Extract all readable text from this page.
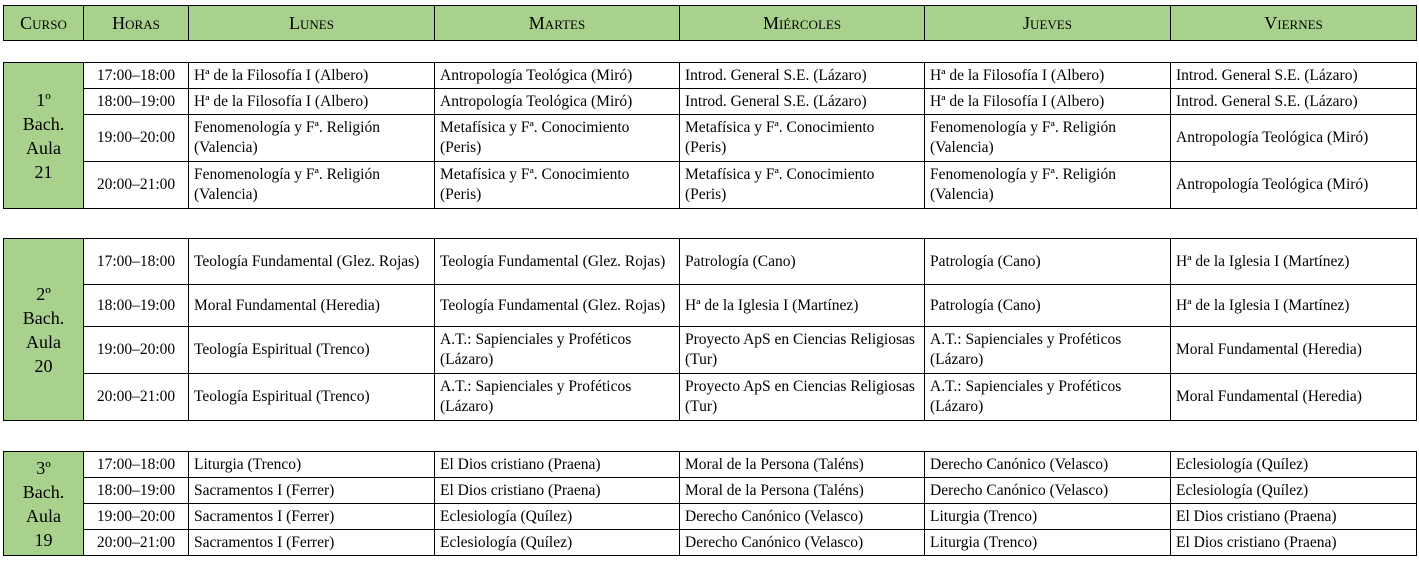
Curso	Horas	Lunes	Martes	Miércoles	Jueves	Viernes
1º
Bach.
Aula
21	17:00–18:00	Hª de la Filosofía I (Albero)	Antropología Teológica (Miró)	Introd. General S.E. (Lázaro)	Hª de la Filosofía I (Albero)	Introd. General S.E. (Lázaro)
	18:00–19:00	Hª de la Filosofía I (Albero)	Antropología Teológica (Miró)	Introd. General S.E. (Lázaro)	Hª de la Filosofía I (Albero)	Introd. General S.E. (Lázaro)
	19:00–20:00	Fenomenología y Fª. Religión (Valencia)	Metafísica y Fª. Conocimiento (Peris)	Metafísica y Fª. Conocimiento (Peris)	Fenomenología y Fª. Religión (Valencia)	Antropología Teológica (Miró)
	20:00–21:00	Fenomenología y Fª. Religión (Valencia)	Metafísica y Fª. Conocimiento (Peris)	Metafísica y Fª. Conocimiento (Peris)	Fenomenología y Fª. Religión (Valencia)	Antropología Teológica (Miró)
2º
Bach.
Aula
20	17:00–18:00	Teología Fundamental (Glez. Rojas)	Teología Fundamental (Glez. Rojas)	Patrología (Cano)	Patrología (Cano)	Hª de la Iglesia I (Martínez)
	18:00–19:00	Moral Fundamental (Heredia)	Teología Fundamental (Glez. Rojas)	Hª de la Iglesia I (Martínez)	Patrología (Cano)	Hª de la Iglesia I (Martínez)
	19:00–20:00	Teología Espiritual (Trenco)	A.T.: Sapienciales y Proféticos (Lázaro)	Proyecto ApS en Ciencias Religiosas (Tur)	A.T.: Sapienciales y Proféticos (Lázaro)	Moral Fundamental (Heredia)
	20:00–21:00	Teología Espiritual (Trenco)	A.T.: Sapienciales y Proféticos (Lázaro)	Proyecto ApS en Ciencias Religiosas (Tur)	A.T.: Sapienciales y Proféticos (Lázaro)	Moral Fundamental (Heredia)
3º
Bach.
Aula
19	17:00–18:00	Liturgia (Trenco)	El Dios cristiano (Praena)	Moral de la Persona (Taléns)	Derecho Canónico (Velasco)	Eclesiología (Quílez)
	18:00–19:00	Sacramentos I (Ferrer)	El Dios cristiano (Praena)	Moral de la Persona (Taléns)	Derecho Canónico (Velasco)	Eclesiología (Quílez)
	19:00–20:00	Sacramentos I (Ferrer)	Eclesiología (Quílez)	Derecho Canónico (Velasco)	Liturgia (Trenco)	El Dios cristiano (Praena)
	20:00–21:00	Sacramentos I (Ferrer)	Eclesiología (Quílez)	Derecho Canónico (Velasco)	Liturgia (Trenco)	El Dios cristiano (Praena)
